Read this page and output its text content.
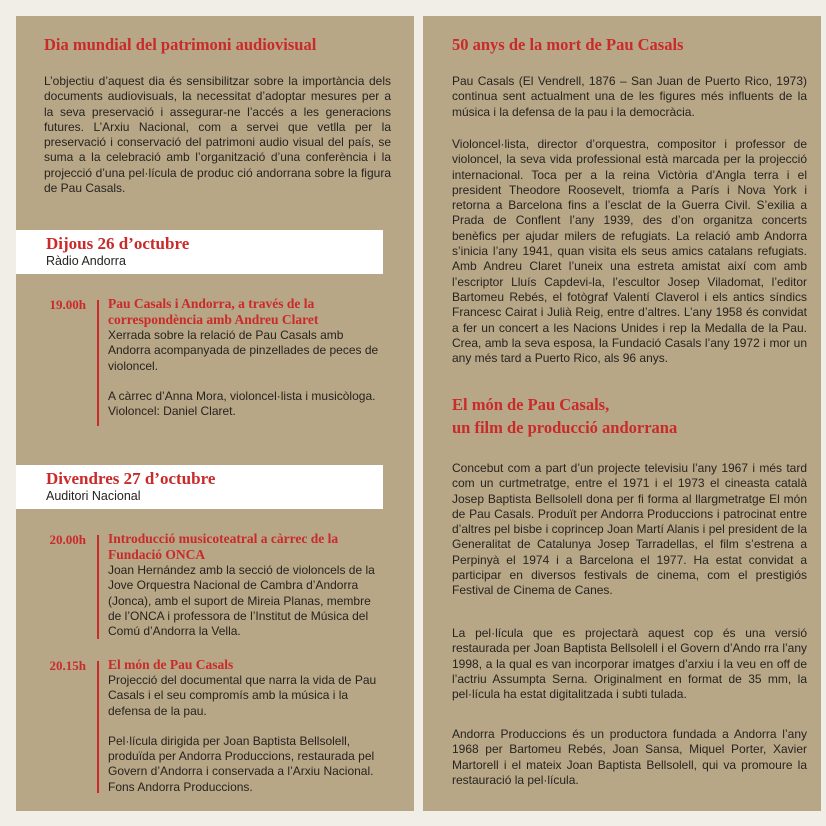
Dia mundial del patrimoni audiovisual

L’objectiu d’aquest dia és sensibilitzar sobre la importància dels documents audiovisuals, la necessitat d’adoptar mesures per a la seva preservació i assegurar-ne l’accés a les generacions futures. L’Arxiu Nacional, com a servei que vetlla per la preservació i conservació del patrimoni audio visual del país, se suma a la celebració amb l’organització d’una conferència i la projecció d’una pel·lícula de produc ció andorrana sobre la figura de Pau Casals.

Dijous 26 d’octubre
Ràdio Andorra
19.00h Pau Casals i Andorra, a través de la correspondència amb Andreu Claret

Xerrada sobre la relació de Pau Casals amb Andorra acompanyada de pinzellades de peces de violoncel.

A càrrec d’Anna Mora, violoncel·lista i musicòloga.

Violoncel: Daniel Claret.

Divendres 27 d’octubre
Auditori Nacional
20.00h Introducció musicoteatral a càrrec de la Fundació ONCA

Joan Hernández amb la secció de violoncels de la Jove Orquestra Nacional de Cambra d’Andorra (Jonca), amb el suport de Mireia Planas, membre de l’ONCA i professora de l’Institut de Música del Comú d’Andorra la Vella.

20.15h El món de Pau Casals

Projecció del documental que narra la vida de Pau Casals i el seu compromís amb la música i la defensa de la pau.

Pel·lícula dirigida per Joan Baptista Bellsolell, produïda per Andorra Produccions, restaurada pel Govern d’Andorra i conservada a l’Arxiu Nacional. Fons Andorra Produccions.

50 anys de la mort de Pau Casals

Pau Casals (El Vendrell, 1876 – San Juan de Puerto Rico, 1973) continua sent actualment una de les figures més influents de la música i la defensa de la pau i la democràcia.

Violoncel·lista, director d’orquestra, compositor i professor de violoncel, la seva vida professional està marcada per la projecció internacional. Toca per a la reina Victòria d’Angla terra i el president Theodore Roosevelt, triomfa a París i Nova York i retorna a Barcelona fins a l’esclat de la Guerra Civil. S’exilia a Prada de Conflent l’any 1939, des d’on organitza concerts benèfics per ajudar milers de refugiats. La relació amb Andorra s’inicia l’any 1941, quan visita els seus amics catalans refugiats. Amb Andreu Claret l’uneix una estreta amistat així com amb l’escriptor Lluís Capdevi-la, l’escultor Josep Viladomat, l’editor Bartomeu Rebés, el fotògraf Valentí Claverol i els antics síndics Francesc Cairat i Julià Reig, entre d’altres. L’any 1958 és convidat a fer un concert a les Nacions Unides i rep la Medalla de la Pau. Crea, amb la seva esposa, la Fundació Casals l’any 1972 i mor un any més tard a Puerto Rico, als 96 anys.

El món de Pau Casals,
un film de producció andorrana

Concebut com a part d’un projecte televisiu l’any 1967 i més tard com un curtmetratge, entre el 1971 i el 1973 el cineasta català Josep Baptista Bellsolell dona per fi forma al llargmetratge El món de Pau Casals. Produït per Andorra Produccions i patrocinat entre d’altres pel bisbe i coprincep Joan Martí Alanis i pel president de la Generalitat de Catalunya Josep Tarradellas, el film s’estrena a Perpinyà el 1974 i a Barcelona el 1977. Ha estat convidat a participar en diversos festivals de cinema, com el prestigiós Festival de Cinema de Canes.

La pel·lícula que es projectarà aquest cop és una versió restaurada per Joan Baptista Bellsolell i el Govern d’Ando rra l’any 1998, a la qual es van incorporar imatges d’arxiu i la veu en off de l’actriu Assumpta Serna. Originalment en format de 35 mm, la pel·lícula ha estat digitalitzada i subti tulada.

Andorra Produccions és un productora fundada a Andorra l’any 1968 per Bartomeu Rebés, Joan Sansa, Miquel Porter, Xavier Martorell i el mateix Joan Baptista Bellsolell, qui va promoure la restauració la pel·lícula.
